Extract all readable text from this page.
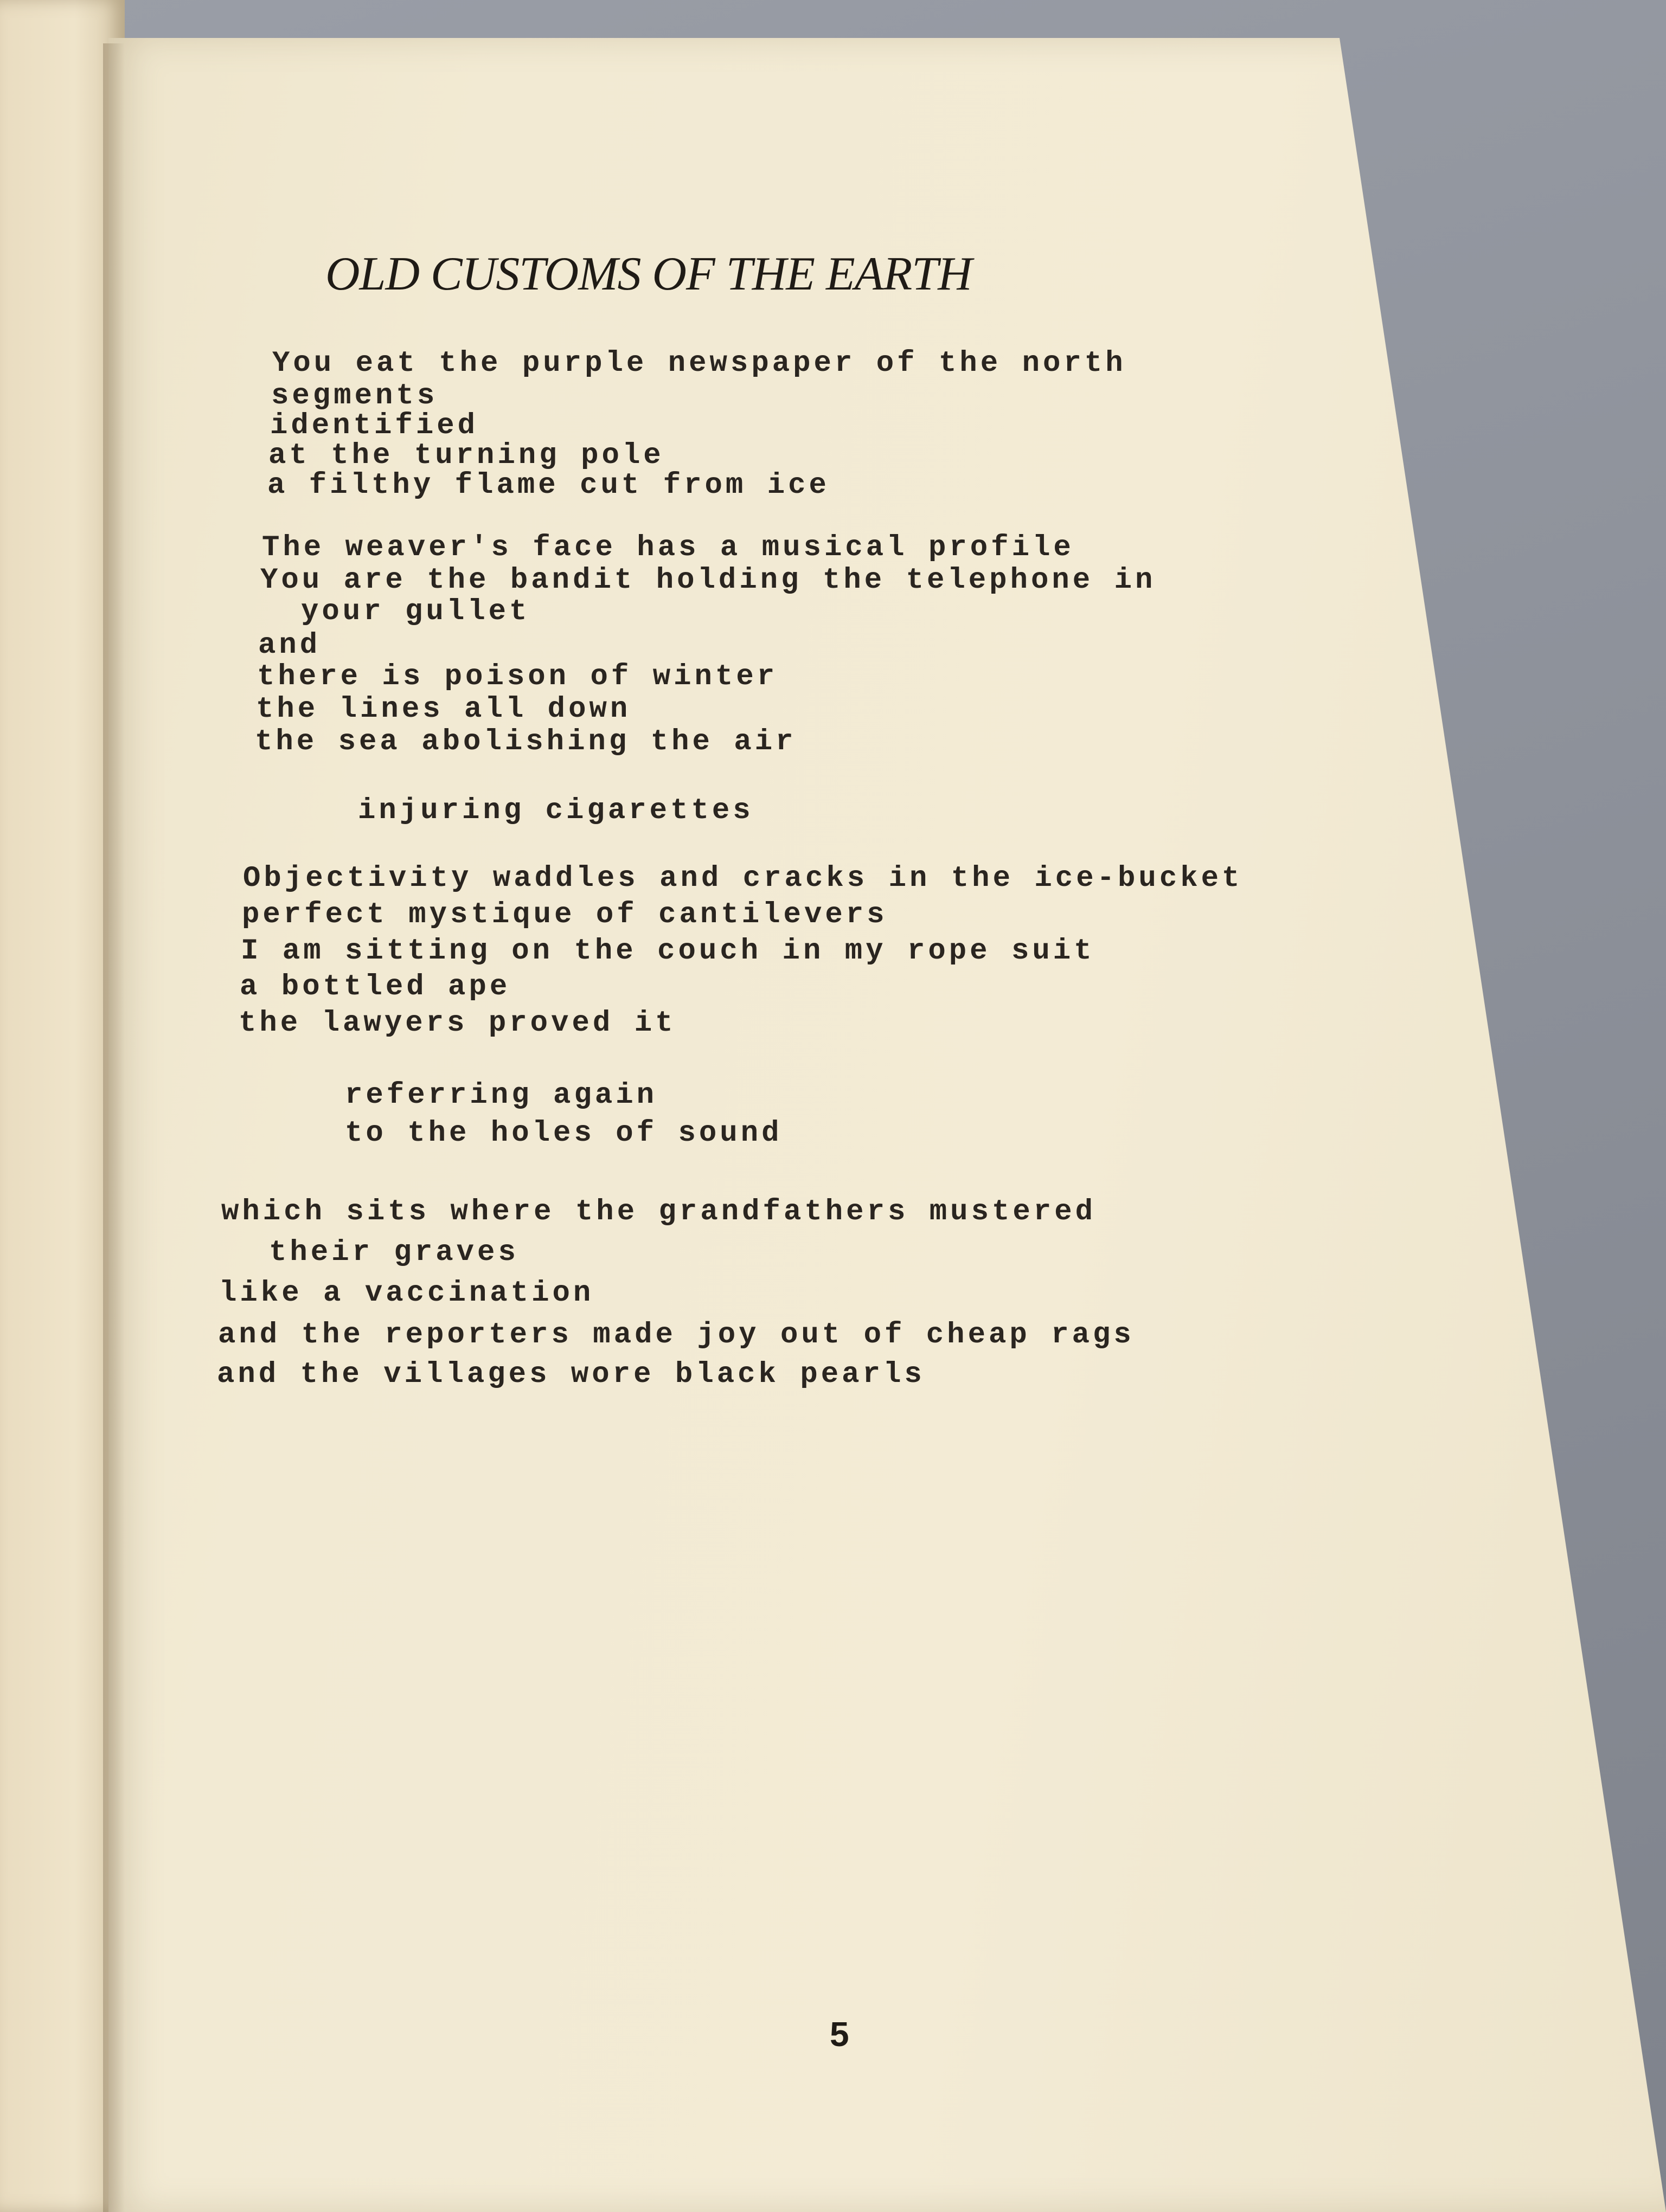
OLD CUSTOMS OF THE EARTH

You eat the purple newspaper of the north

segments

identified

at the turning pole

a filthy flame cut from ice

The weaver's face has a musical profile

You are the bandit holding the telephone in

your gullet

and

there is poison of winter

the lines all down

the sea abolishing the air

injuring cigarettes

Objectivity waddles and cracks in the ice-bucket

perfect mystique of cantilevers

I am sitting on the couch in my rope suit

a bottled ape

the lawyers proved it

referring again

to the holes of sound

which sits where the grandfathers mustered

their graves

like a vaccination

and the reporters made joy out of cheap rags

and the villages wore black pearls

5
